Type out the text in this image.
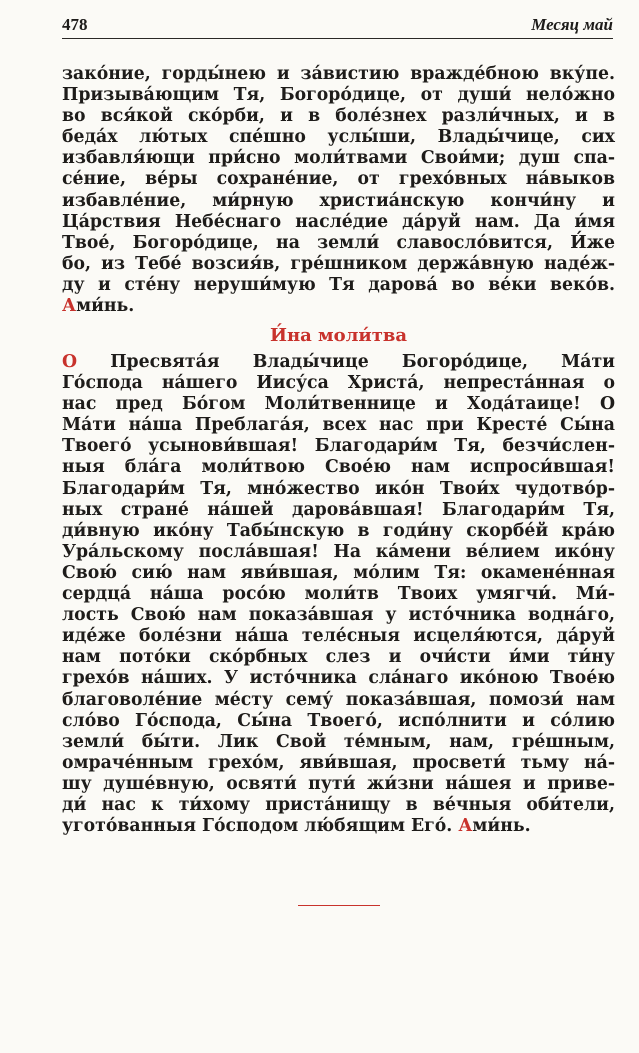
478	Месяц май
зако́ние, горды́нею и за́вистию вражде́бною вку́пе.
Призыва́ющим Тя, Богоро́дице, от души́ нело́жно
во вся́кой ско́рби, и в боле́знех разли́чных, и в
беда́х лю́тых спе́шно услы́ши, Влады́чице, сих
избавля́ющи при́сно моли́твами Свои́ми; душ спа-
се́ние, ве́ры сохране́ние, от грехо́вных на́выков
избавле́ние, ми́рную христиа́нскую кончи́ну и
Ца́рствия Небе́снаго насле́дие да́руй нам. Да и́мя
Твое́, Богоро́дице, на земли́ славосло́вится, И́же
бо, из Тебе́ возсия́в, гре́шником держа́вную наде́ж-
ду и сте́ну неруши́мую Тя дарова́ во ве́ки веко́в.
Ами́нь.
И́на моли́тва
О Пресвята́я Влады́чице Богоро́дице, Ма́ти
Го́спода на́шего Иису́са Христа́, непреста́нная о
нас пред Бо́гом Моли́твеннице и Хода́таице! О
Ма́ти на́ша Преблага́я, всех нас при Кресте́ Сы́на
Твоего́ усынови́вшая! Благодари́м Тя, безчи́слен-
ныя бла́га моли́твою Свое́ю нам испроси́вшая!
Благодари́м Тя, мно́жество ико́н Твои́х чудотво́р-
ных стране́ на́шей дарова́вшая! Благодари́м Тя,
ди́вную ико́ну Табы́нскую в годи́ну скорбе́й кра́ю
Ура́льскому посла́вшая! На ка́мени ве́лием ико́ну
Свою́ сию́ нам яви́вшая, мо́лим Тя: окамене́нная
сердца́ на́ша росо́ю моли́тв Твоих умягчи́. Ми́-
лость Свою́ нам показа́вшая у исто́чника водна́го,
иде́же боле́зни на́ша теле́сныя исцеля́ются, да́руй
нам пото́ки ско́рбных слез и очи́сти и́ми ти́ну
грехо́в на́ших. У исто́чника сла́наго ико́ною Твое́ю
благоволе́ние ме́сту сему́ показа́вшая, помози́ нам
сло́во Го́спода, Сы́на Твоего́, испо́лнити и со́лию
земли́ бы́ти. Лик Свой те́мным, нам, гре́шным,
омраче́нным грехо́м, яви́вшая, просвети́ тьму на́-
шу душе́вную, освяти́ пути́ жи́зни на́шея и приве-
ди́ нас к ти́хому приста́нищу в ве́чныя оби́тели,
угото́ванныя Го́сподом лю́бящим Его́. Ами́нь.
